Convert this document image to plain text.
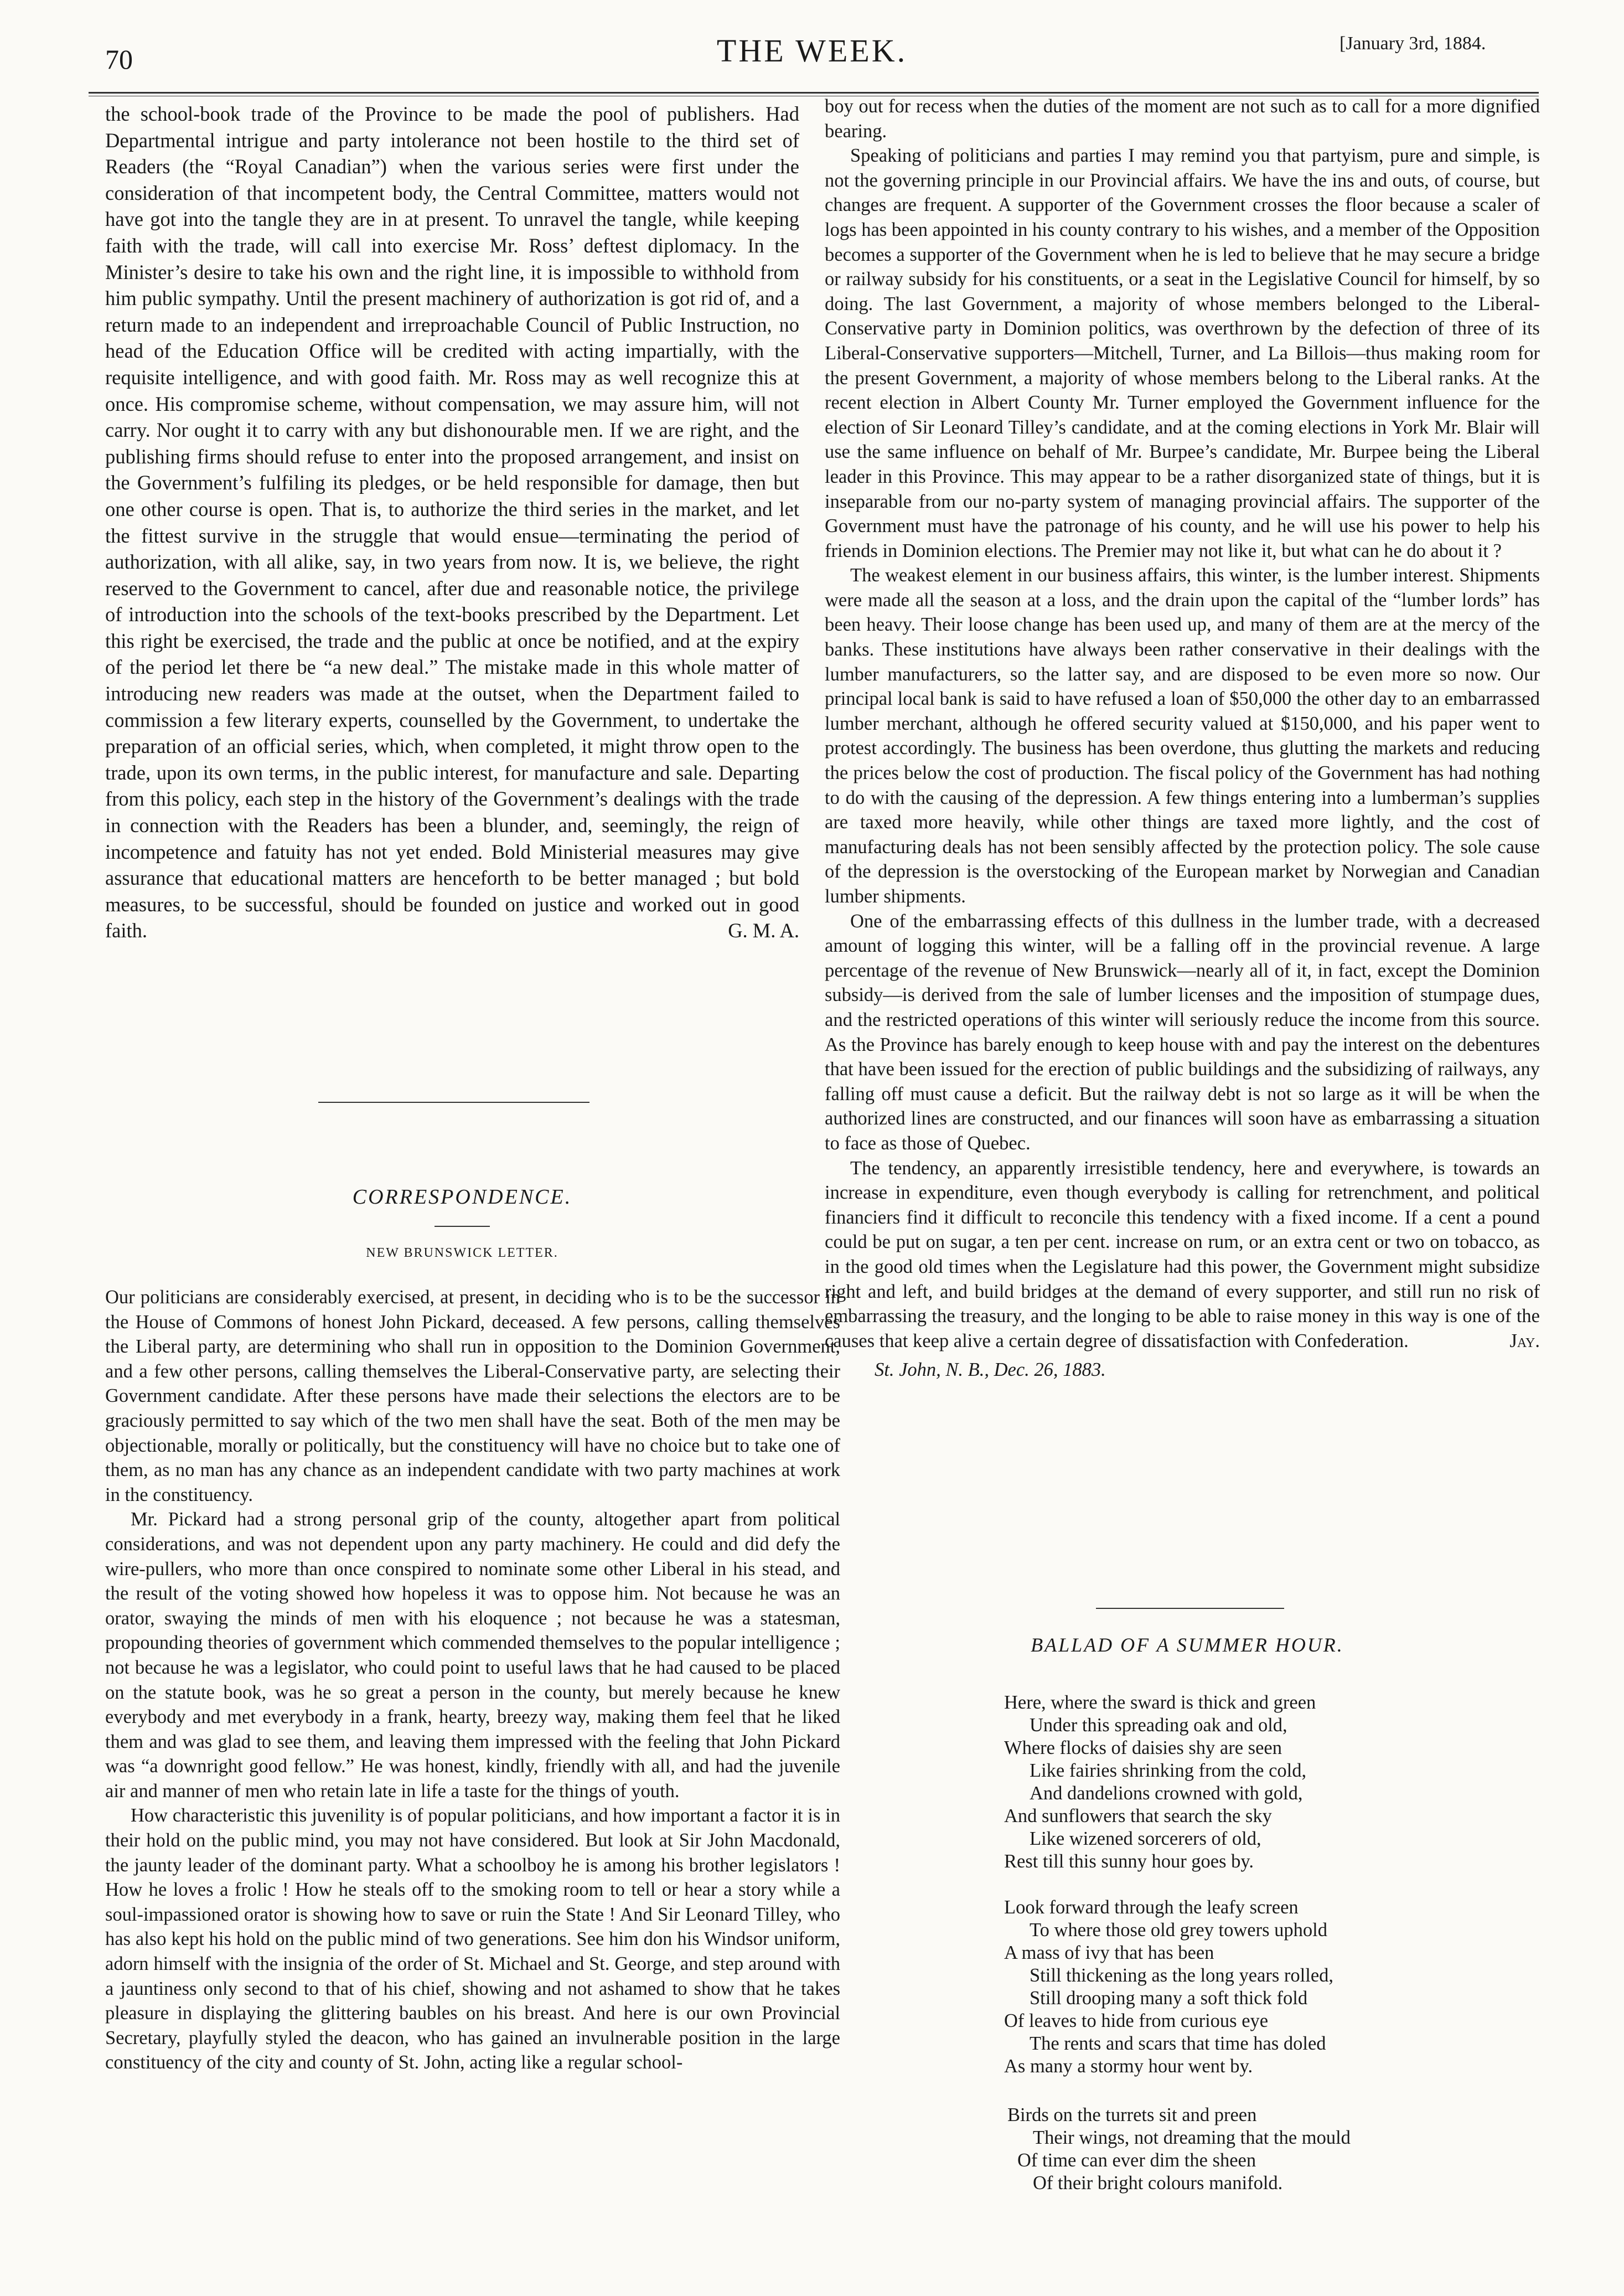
70	THE WEEK.	[January 3rd, 1884.

the school-book trade of the Province to be made the pool of publishers. Had Departmental intrigue and party intolerance not been hostile to the third set of Readers (the “Royal Canadian”) when the various series were first under the consideration of that incompetent body, the Central Committee, matters would not have got into the tangle they are in at present. To unravel the tangle, while keeping faith with the trade, will call into exercise Mr. Ross’ deftest diplomacy. In the Minister’s desire to take his own and the right line, it is impossible to withhold from him public sympathy. Until the present machinery of authorization is got rid of, and a return made to an independent and irreproachable Council of Public Instruction, no head of the Education Office will be credited with acting impartially, with the requisite intelligence, and with good faith. Mr. Ross may as well recognize this at once. His compromise scheme, without compensation, we may assure him, will not carry. Nor ought it to carry with any but dishonourable men. If we are right, and the publishing firms should refuse to enter into the proposed arrangement, and insist on the Government’s fulfiling its pledges, or be held responsible for damage, then but one other course is open. That is, to authorize the third series in the market, and let the fittest survive in the struggle that would ensue—terminating the period of authorization, with all alike, say, in two years from now. It is, we believe, the right reserved to the Government to cancel, after due and reasonable notice, the privilege of introduction into the schools of the text-books prescribed by the Department. Let this right be exercised, the trade and the public at once be notified, and at the expiry of the period let there be “a new deal.” The mistake made in this whole matter of introducing new readers was made at the outset, when the Department failed to commission a few literary experts, counselled by the Government, to undertake the preparation of an official series, which, when completed, it might throw open to the trade, upon its own terms, in the public interest, for manufacture and sale. Departing from this policy, each step in the history of the Government’s dealings with the trade in connection with the Readers has been a blunder, and, seemingly, the reign of incompetence and fatuity has not yet ended. Bold Ministerial measures may give assurance that educational matters are henceforth to be better managed ; but bold measures, to be successful, should be founded on justice and worked out in good faith.	G. M. A.

CORRESPONDENCE.
NEW BRUNSWICK LETTER.

Our politicians are considerably exercised, at present, in deciding who is to be the successor in the House of Commons of honest John Pickard, deceased. A few persons, calling themselves the Liberal party, are determining who shall run in opposition to the Dominion Government, and a few other persons, calling themselves the Liberal-Conservative party, are selecting their Government candidate. After these persons have made their selections the electors are to be graciously permitted to say which of the two men shall have the seat. Both of the men may be objectionable, morally or politically, but the constituency will have no choice but to take one of them, as no man has any chance as an independent candidate with two party machines at work in the constituency.

Mr. Pickard had a strong personal grip of the county, altogether apart from political considerations, and was not dependent upon any party machinery. He could and did defy the wire-pullers, who more than once conspired to nominate some other Liberal in his stead, and the result of the voting showed how hopeless it was to oppose him. Not because he was an orator, swaying the minds of men with his eloquence ; not because he was a statesman, propounding theories of government which commended themselves to the popular intelligence ; not because he was a legislator, who could point to useful laws that he had caused to be placed on the statute book, was he so great a person in the county, but merely because he knew everybody and met everybody in a frank, hearty, breezy way, making them feel that he liked them and was glad to see them, and leaving them impressed with the feeling that John Pickard was “a downright good fellow.” He was honest, kindly, friendly with all, and had the juvenile air and manner of men who retain late in life a taste for the things of youth.

How characteristic this juvenility is of popular politicians, and how important a factor it is in their hold on the public mind, you may not have considered. But look at Sir John Macdonald, the jaunty leader of the dominant party. What a schoolboy he is among his brother legislators ! How he loves a frolic ! How he steals off to the smoking room to tell or hear a story while a soul-impassioned orator is showing how to save or ruin the State ! And Sir Leonard Tilley, who has also kept his hold on the public mind of two generations. See him don his Windsor uniform, adorn himself with the insignia of the order of St. Michael and St. George, and step around with a jauntiness only second to that of his chief, showing and not ashamed to show that he takes pleasure in displaying the glittering baubles on his breast. And here is our own Provincial Secretary, playfully styled the deacon, who has gained an invulnerable position in the large constituency of the city and county of St. John, acting like a regular school-

boy out for recess when the duties of the moment are not such as to call for a more dignified bearing.

Speaking of politicians and parties I may remind you that partyism, pure and simple, is not the governing principle in our Provincial affairs. We have the ins and outs, of course, but changes are frequent. A supporter of the Government crosses the floor because a scaler of logs has been appointed in his county contrary to his wishes, and a member of the Opposition becomes a supporter of the Government when he is led to believe that he may secure a bridge or railway subsidy for his constituents, or a seat in the Legislative Council for himself, by so doing. The last Government, a majority of whose members belonged to the Liberal-Conservative party in Dominion politics, was overthrown by the defection of three of its Liberal-Conservative supporters—Mitchell, Turner, and La Billois—thus making room for the present Government, a majority of whose members belong to the Liberal ranks. At the recent election in Albert County Mr. Turner employed the Government influence for the election of Sir Leonard Tilley’s candidate, and at the coming elections in York Mr. Blair will use the same influence on behalf of Mr. Burpee’s candidate, Mr. Burpee being the Liberal leader in this Province. This may appear to be a rather disorganized state of things, but it is inseparable from our no-party system of managing provincial affairs. The supporter of the Government must have the patronage of his county, and he will use his power to help his friends in Dominion elections. The Premier may not like it, but what can he do about it ?

The weakest element in our business affairs, this winter, is the lumber interest. Shipments were made all the season at a loss, and the drain upon the capital of the “lumber lords” has been heavy. Their loose change has been used up, and many of them are at the mercy of the banks. These institutions have always been rather conservative in their dealings with the lumber manufacturers, so the latter say, and are disposed to be even more so now. Our principal local bank is said to have refused a loan of $50,000 the other day to an embarrassed lumber merchant, although he offered security valued at $150,000, and his paper went to protest accordingly. The business has been overdone, thus glutting the markets and reducing the prices below the cost of production. The fiscal policy of the Government has had nothing to do with the causing of the depression. A few things entering into a lumberman’s supplies are taxed more heavily, while other things are taxed more lightly, and the cost of manufacturing deals has not been sensibly affected by the protection policy. The sole cause of the depression is the overstocking of the European market by Norwegian and Canadian lumber shipments.

One of the embarrassing effects of this dullness in the lumber trade, with a decreased amount of logging this winter, will be a falling off in the provincial revenue. A large percentage of the revenue of New Brunswick—nearly all of it, in fact, except the Dominion subsidy—is derived from the sale of lumber licenses and the imposition of stumpage dues, and the restricted operations of this winter will seriously reduce the income from this source. As the Province has barely enough to keep house with and pay the interest on the debentures that have been issued for the erection of public buildings and the subsidizing of railways, any falling off must cause a deficit. But the railway debt is not so large as it will be when the authorized lines are constructed, and our finances will soon have as embarrassing a situation to face as those of Quebec.

The tendency, an apparently irresistible tendency, here and everywhere, is towards an increase in expenditure, even though everybody is calling for retrenchment, and political financiers find it difficult to reconcile this tendency with a fixed income. If a cent a pound could be put on sugar, a ten per cent. increase on rum, or an extra cent or two on tobacco, as in the good old times when the Legislature had this power, the Government might subsidize right and left, and build bridges at the demand of every supporter, and still run no risk of embarrassing the treasury, and the longing to be able to raise money in this way is one of the causes that keep alive a certain degree of dissatisfaction with Confederation.	Jay.

St. John, N. B., Dec. 26, 1883.

BALLAD OF A SUMMER HOUR.
Here, where the sward is thick and green
Under this spreading oak and old,
Where flocks of daisies shy are seen
Like fairies shrinking from the cold,
And dandelions crowned with gold,
And sunflowers that search the sky
Like wizened sorcerers of old,
Rest till this sunny hour goes by.
Look forward through the leafy screen
To where those old grey towers uphold
A mass of ivy that has been
Still thickening as the long years rolled,
Still drooping many a soft thick fold
Of leaves to hide from curious eye
The rents and scars that time has doled
As many a stormy hour went by.
Birds on the turrets sit and preen
Their wings, not dreaming that the mould
Of time can ever dim the sheen
Of their bright colours manifold.
